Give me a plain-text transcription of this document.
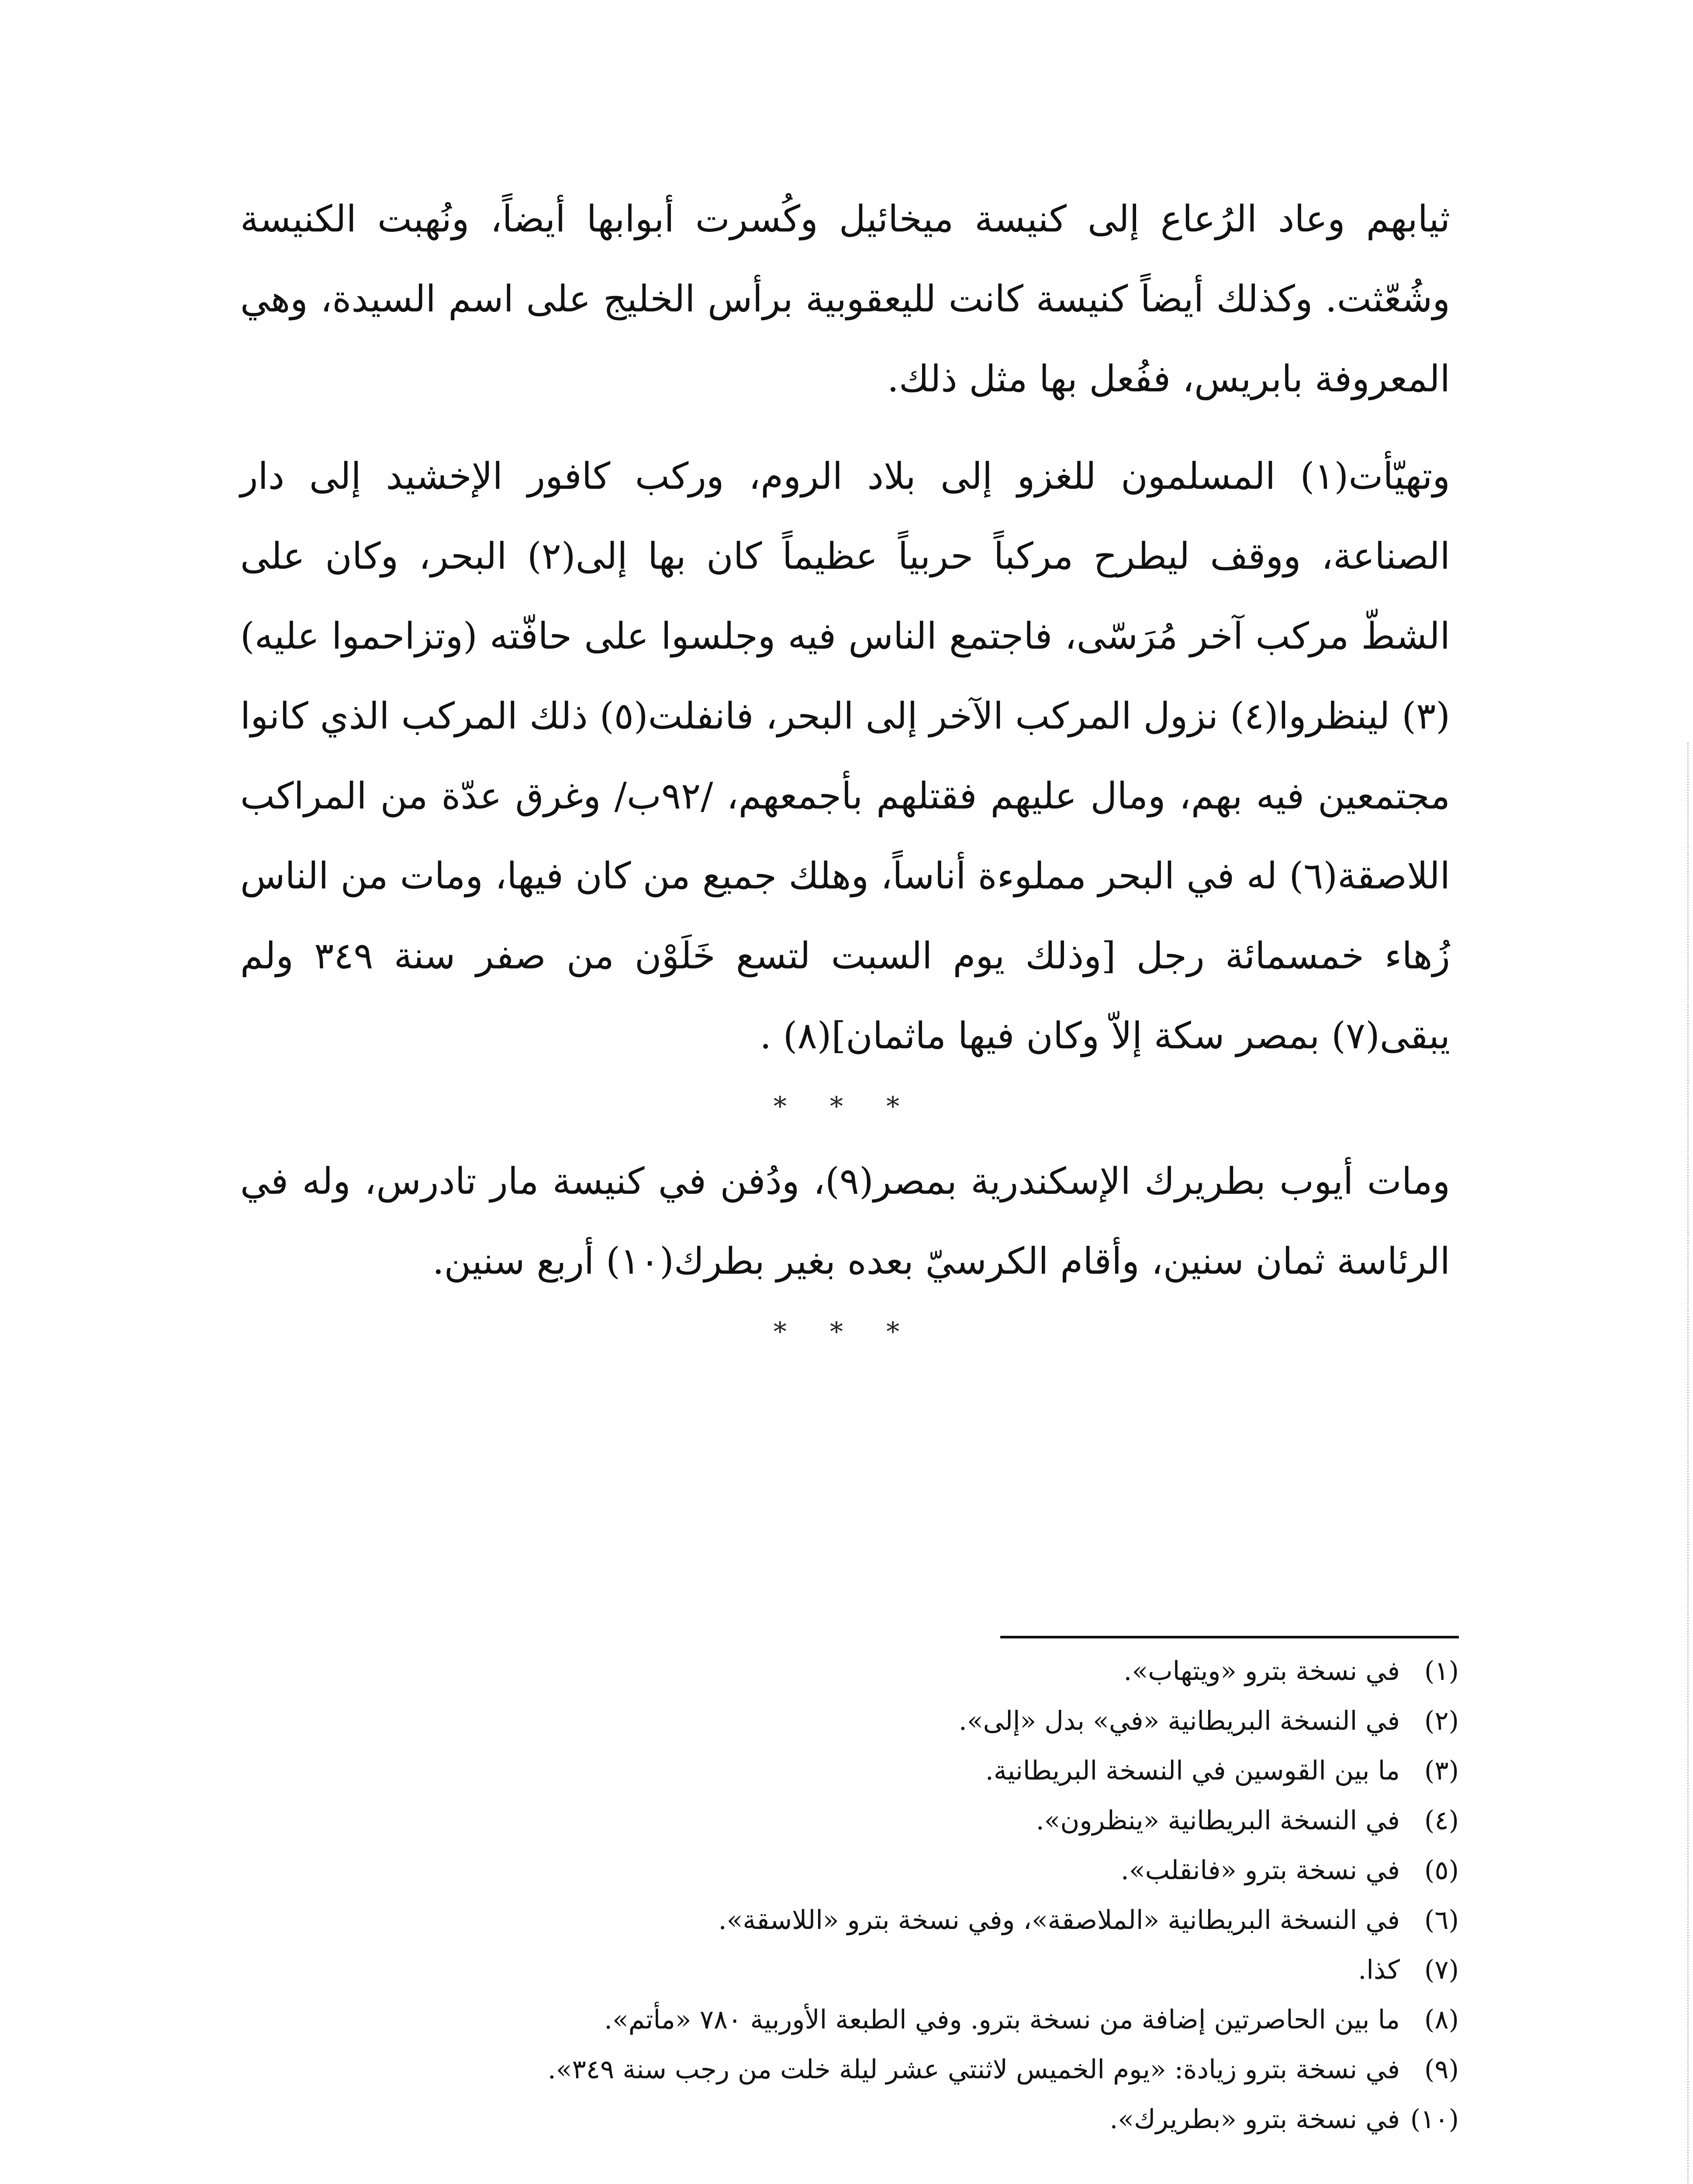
ثيابهم وعاد الرُعاع إلى كنيسة ميخائيل وكُسرت أبوابها أيضاً، ونُهبت الكنيسة وشُعّثت. وكذلك أيضاً كنيسة كانت لليعقوبية برأس الخليج على اسم السيدة، وهي المعروفة بابريس، ففُعل بها مثل ذلك.

وتهيّأت(١) المسلمون للغزو إلى بلاد الروم، وركب كافور الإخشيد إلى دار الصناعة، ووقف ليطرح مركباً حربياً عظيماً كان بها إلى(٢) البحر، وكان على الشطّ مركب آخر مُرَسّى، فاجتمع الناس فيه وجلسوا على حافّته (وتزاحموا عليه)(٣) لينظروا(٤) نزول المركب الآخر إلى البحر، فانفلت(٥) ذلك المركب الذي كانوا مجتمعين فيه بهم، ومال عليهم فقتلهم بأجمعهم، /٩٢ب/ وغرق عدّة من المراكب اللاصقة(٦) له في البحر مملوءة أناساً، وهلك جميع من كان فيها، ومات من الناس زُهاء خمسمائة رجل [وذلك يوم السبت لتسع خَلَوْن من صفر سنة ٣٤٩ ولم يبقى(٧) بمصر سكة إلاّ وكان فيها ماثمان](٨) .

* * *

ومات أيوب بطريرك الإسكندرية بمصر(٩)، ودُفن في كنيسة مار تادرس، وله في الرئاسة ثمان سنين، وأقام الكرسيّ بعده بغير بطرك(١٠) أربع سنين.

* * *
(١)في نسخة بترو «ويتهاب».
(٢)في النسخة البريطانية «في» بدل «إلى».
(٣)ما بين القوسين في النسخة البريطانية.
(٤)في النسخة البريطانية «ينظرون».
(٥)في نسخة بترو «فانقلب».
(٦)في النسخة البريطانية «الملاصقة»، وفي نسخة بترو «اللاسقة».
(٧)كذا.
(٨)ما بين الحاصرتين إضافة من نسخة بترو. وفي الطبعة الأوربية ٧٨٠ «مأتم».
(٩)في نسخة بترو زيادة: «يوم الخميس لاثنتي عشر ليلة خلت من رجب سنة ٣٤٩».
(١٠)في نسخة بترو «بطريرك».
